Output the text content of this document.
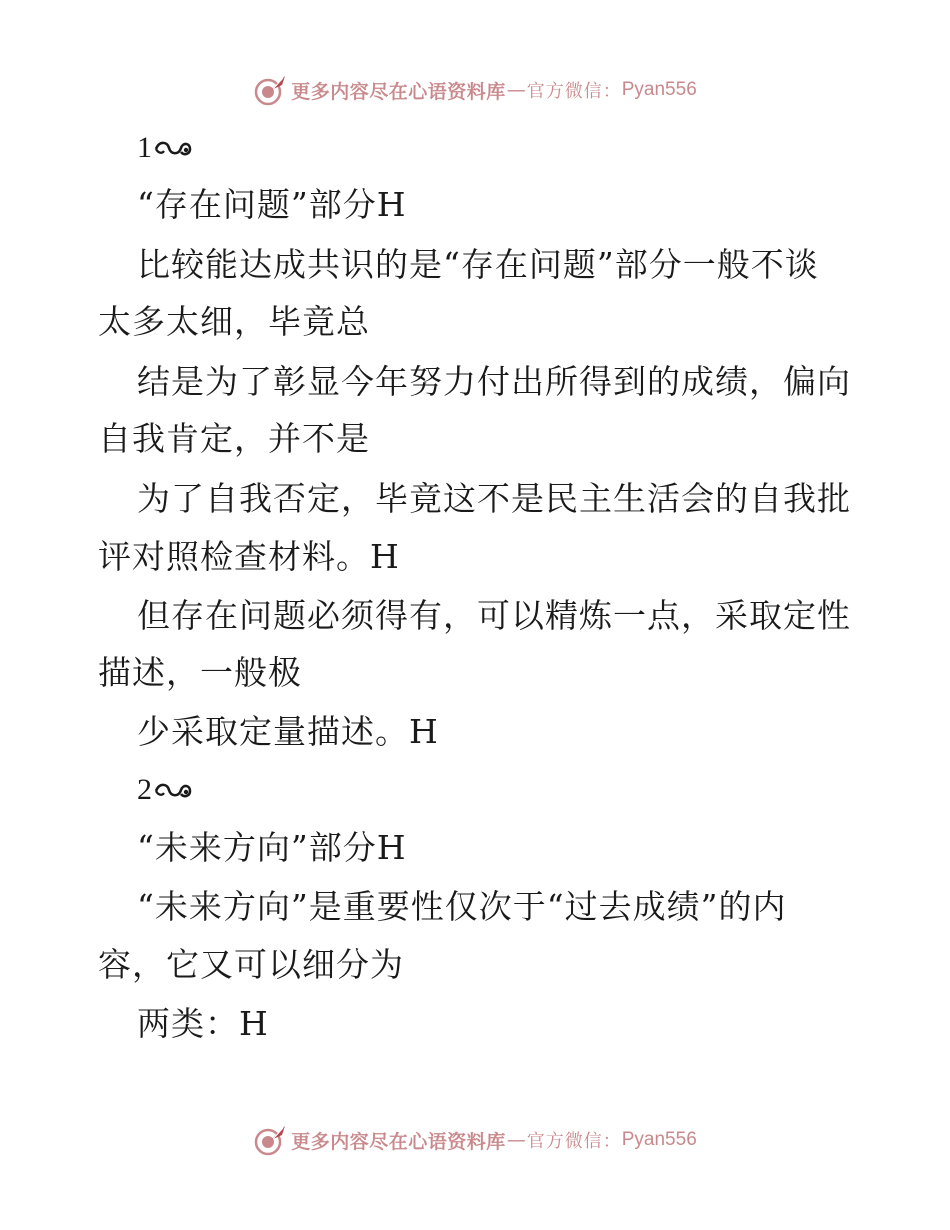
更多内容尽在心语资料库 — 官方微信： Pyan556
1
“存在问题”部分H
比较能达成共识的是“存在问题”部分一般不谈
太多太细，毕竟总
结是为了彰显今年努力付出所得到的成绩，偏向
自我肯定，并不是
为了自我否定，毕竟这不是民主生活会的自我批
评对照检查材料。H
但存在问题必须得有，可以精炼一点，采取定性
描述，一般极
少采取定量描述。H
2
“未来方向”部分H
“未来方向”是重要性仅次于“过去成绩”的内
容，它又可以细分为
两类：H
更多内容尽在心语资料库 — 官方微信： Pyan556
